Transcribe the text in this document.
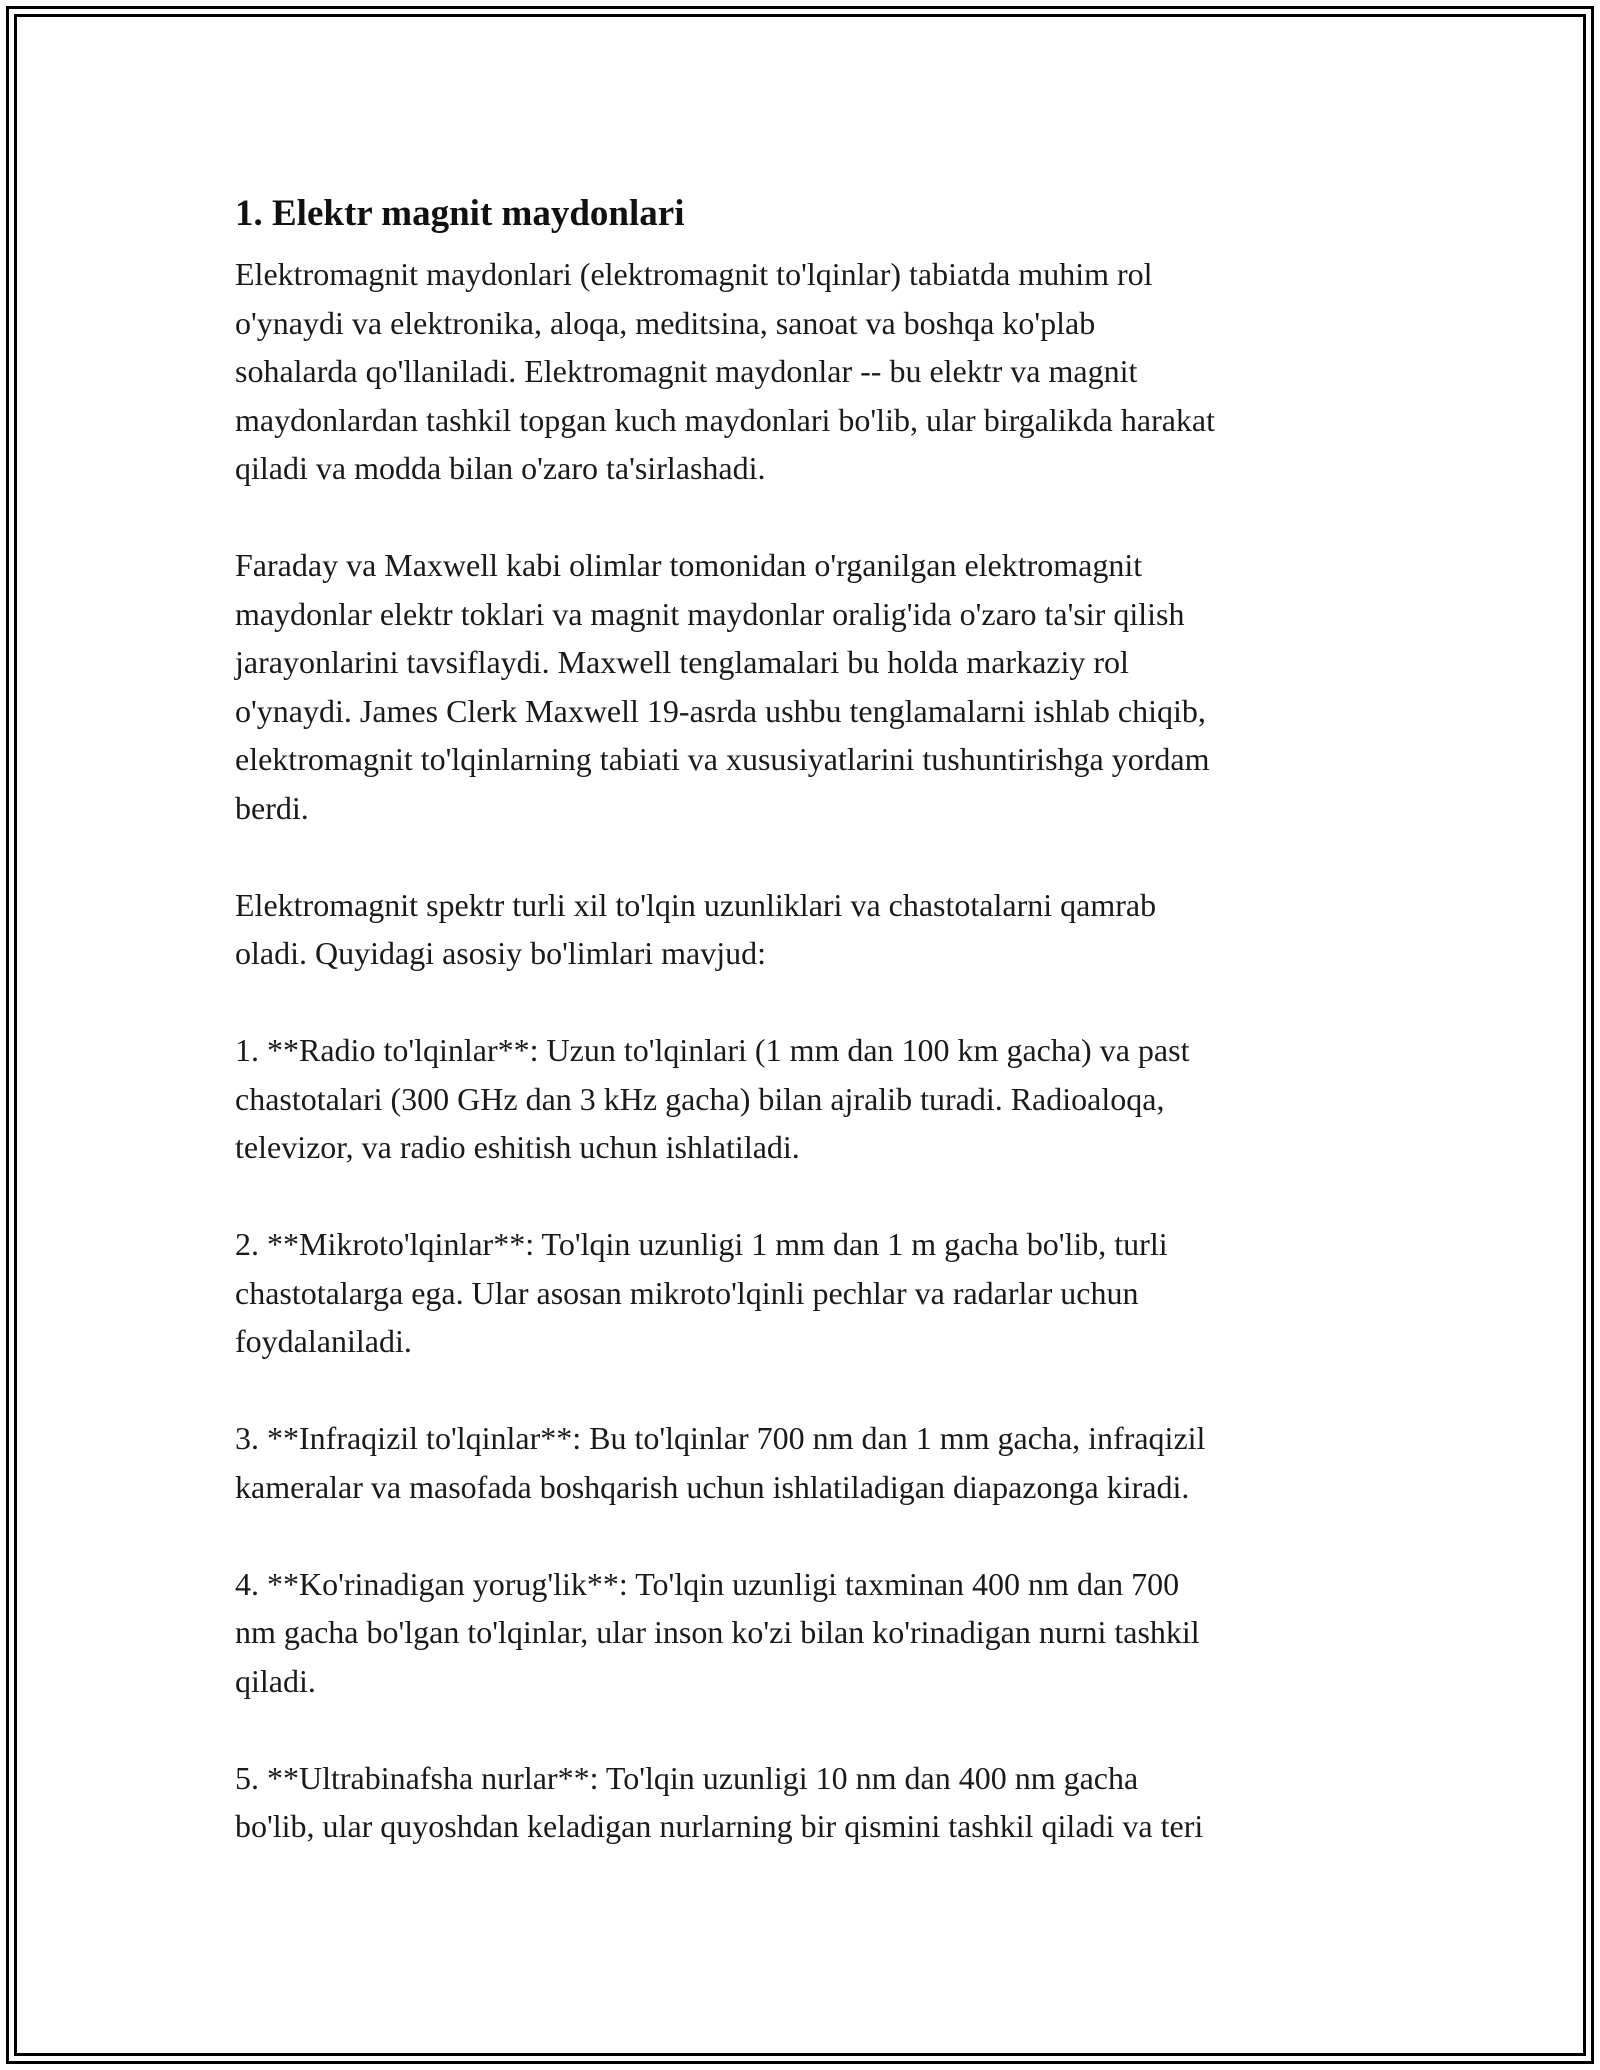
1. Elektr magnit maydonlari

Elektromagnit maydonlari (elektromagnit to'lqinlar) tabiatda muhim rol
o'ynaydi va elektronika, aloqa, meditsina, sanoat va boshqa ko'plab
sohalarda qo'llaniladi. Elektromagnit maydonlar -- bu elektr va magnit
maydonlardan tashkil topgan kuch maydonlari bo'lib, ular birgalikda harakat
qiladi va modda bilan o'zaro ta'sirlashadi.

Faraday va Maxwell kabi olimlar tomonidan o'rganilgan elektromagnit
maydonlar elektr toklari va magnit maydonlar oralig'ida o'zaro ta'sir qilish
jarayonlarini tavsiflaydi. Maxwell tenglamalari bu holda markaziy rol
o'ynaydi. James Clerk Maxwell 19-asrda ushbu tenglamalarni ishlab chiqib,
elektromagnit to'lqinlarning tabiati va xususiyatlarini tushuntirishga yordam
berdi.

Elektromagnit spektr turli xil to'lqin uzunliklari va chastotalarni qamrab
oladi. Quyidagi asosiy bo'limlari mavjud:

1. **Radio to'lqinlar**: Uzun to'lqinlari (1 mm dan 100 km gacha) va past
chastotalari (300 GHz dan 3 kHz gacha) bilan ajralib turadi. Radioaloqa,
televizor, va radio eshitish uchun ishlatiladi.

2. **Mikroto'lqinlar**: To'lqin uzunligi 1 mm dan 1 m gacha bo'lib, turli
chastotalarga ega. Ular asosan mikroto'lqinli pechlar va radarlar uchun
foydalaniladi.

3. **Infraqizil to'lqinlar**: Bu to'lqinlar 700 nm dan 1 mm gacha, infraqizil
kameralar va masofada boshqarish uchun ishlatiladigan diapazonga kiradi.

4. **Ko'rinadigan yorug'lik**: To'lqin uzunligi taxminan 400 nm dan 700
nm gacha bo'lgan to'lqinlar, ular inson ko'zi bilan ko'rinadigan nurni tashkil
qiladi.

5. **Ultrabinafsha nurlar**: To'lqin uzunligi 10 nm dan 400 nm gacha
bo'lib, ular quyoshdan keladigan nurlarning bir qismini tashkil qiladi va teri
